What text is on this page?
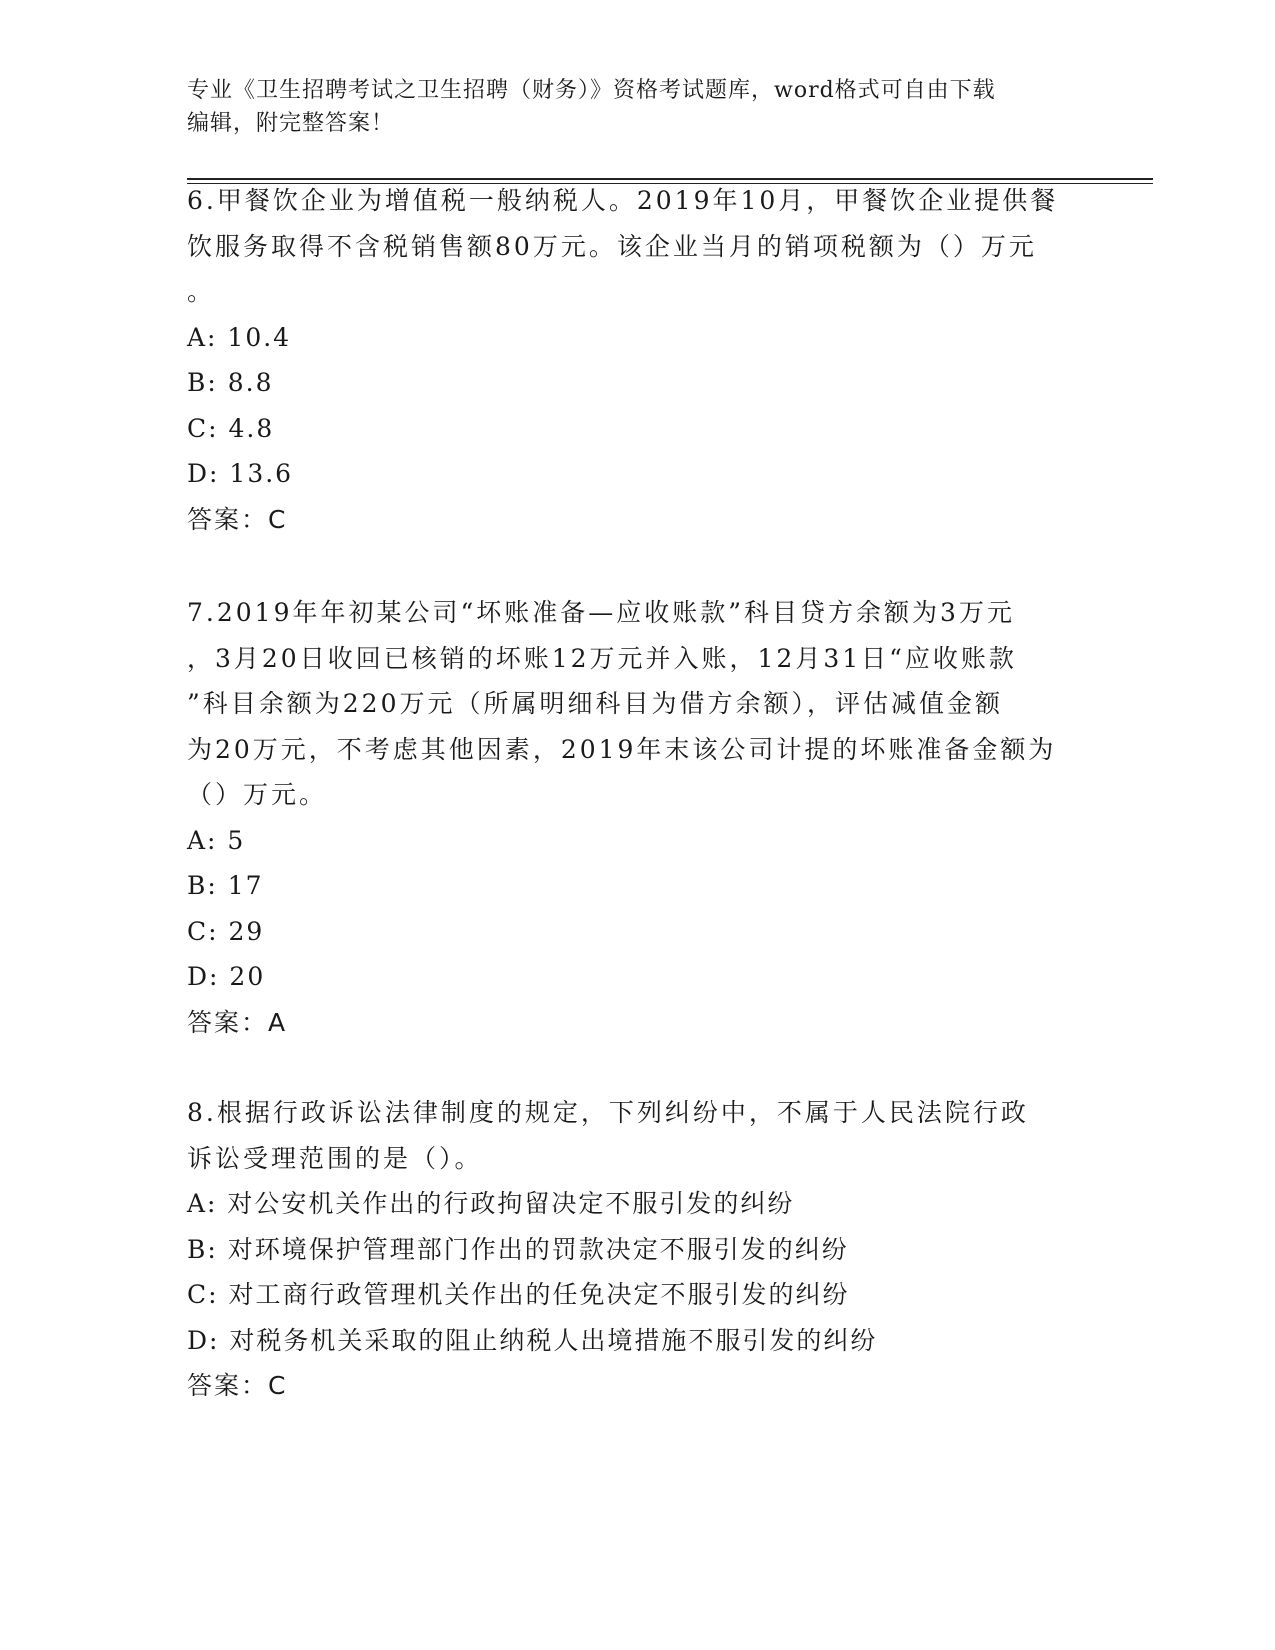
专业《卫生招聘考试之卫生招聘（财务）》资格考试题库，word格式可自由下载
编辑，附完整答案！
6.甲餐饮企业为增值税一般纳税人。2019年10月，甲餐饮企业提供餐
饮服务取得不含税销售额80万元。该企业当月的销项税额为（）万元
。
A: 10.4
B: 8.8
C: 4.8
D: 13.6
答案：C
7.2019年年初某公司“坏账准备—应收账款”科目贷方余额为3万元
，3月20日收回已核销的坏账12万元并入账，12月31日“应收账款
”科目余额为220万元（所属明细科目为借方余额），评估减值金额
为20万元，不考虑其他因素，2019年末该公司计提的坏账准备金额为
（）万元。
A: 5
B: 17
C: 29
D: 20
答案：A
8.根据行政诉讼法律制度的规定，下列纠纷中，不属于人民法院行政
诉讼受理范围的是（）。
A: 对公安机关作出的行政拘留决定不服引发的纠纷
B: 对环境保护管理部门作出的罚款决定不服引发的纠纷
C: 对工商行政管理机关作出的任免决定不服引发的纠纷
D: 对税务机关采取的阻止纳税人出境措施不服引发的纠纷
答案：C
